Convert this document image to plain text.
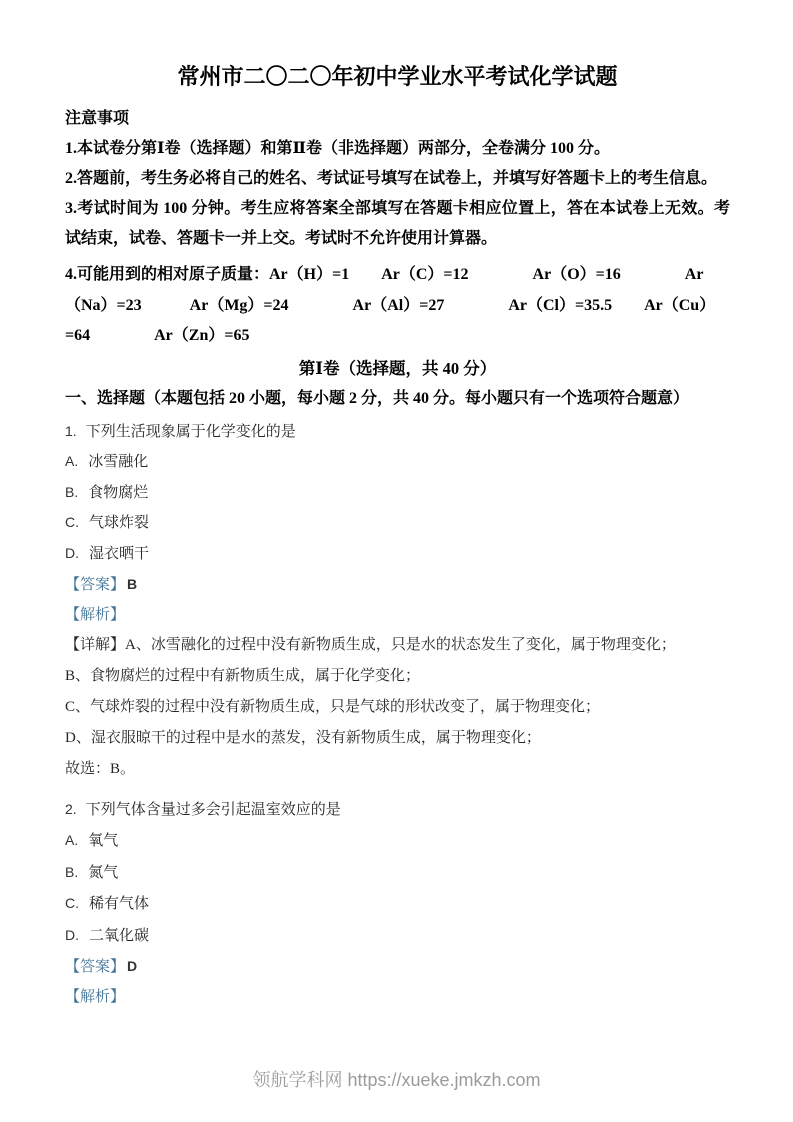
常州市二〇二〇年初中学业水平考试化学试题

注意事项

1.本试卷分第Ⅰ卷（选择题）和第Ⅱ卷（非选择题）两部分，全卷满分 100 分。

2.答题前，考生务必将自己的姓名、考试证号填写在试卷上，并填写好答题卡上的考生信息。

3.考试时间为 100 分钟。考生应将答案全部填写在答题卡相应位置上，答在本试卷上无效。考试结束，试卷、答题卡一并上交。考试时不允许使用计算器。

4.可能用到的相对原子质量：Ar（H）=1　　Ar（C）=12　　　　Ar（O）=16　　　　Ar

（Na）=23　　　Ar（Mg）=24　　　　Ar（Al）=27　　　　Ar（Cl）=35.5　　Ar（Cu）

=64　　　　Ar（Zn）=65

第Ⅰ卷（选择题，共 40 分）

一、选择题（本题包括 20 小题，每小题 2 分，共 40 分。每小题只有一个选项符合题意）

1. 下列生活现象属于化学变化的是

A. 冰雪融化

B. 食物腐烂

C. 气球炸裂

D. 湿衣晒干

【答案】 B

【解析】

【详解】A、冰雪融化的过程中没有新物质生成，只是水的状态发生了变化，属于物理变化；

B、食物腐烂的过程中有新物质生成，属于化学变化；

C、气球炸裂的过程中没有新物质生成，只是气球的形状改变了，属于物理变化；

D、湿衣服晾干的过程中是水的蒸发，没有新物质生成，属于物理变化；

故选：B。

2. 下列气体含量过多会引起温室效应的是

A. 氧气

B. 氮气

C. 稀有气体

D. 二氧化碳

【答案】 D

【解析】

领航学科网 https://xueke.jmkzh.com
